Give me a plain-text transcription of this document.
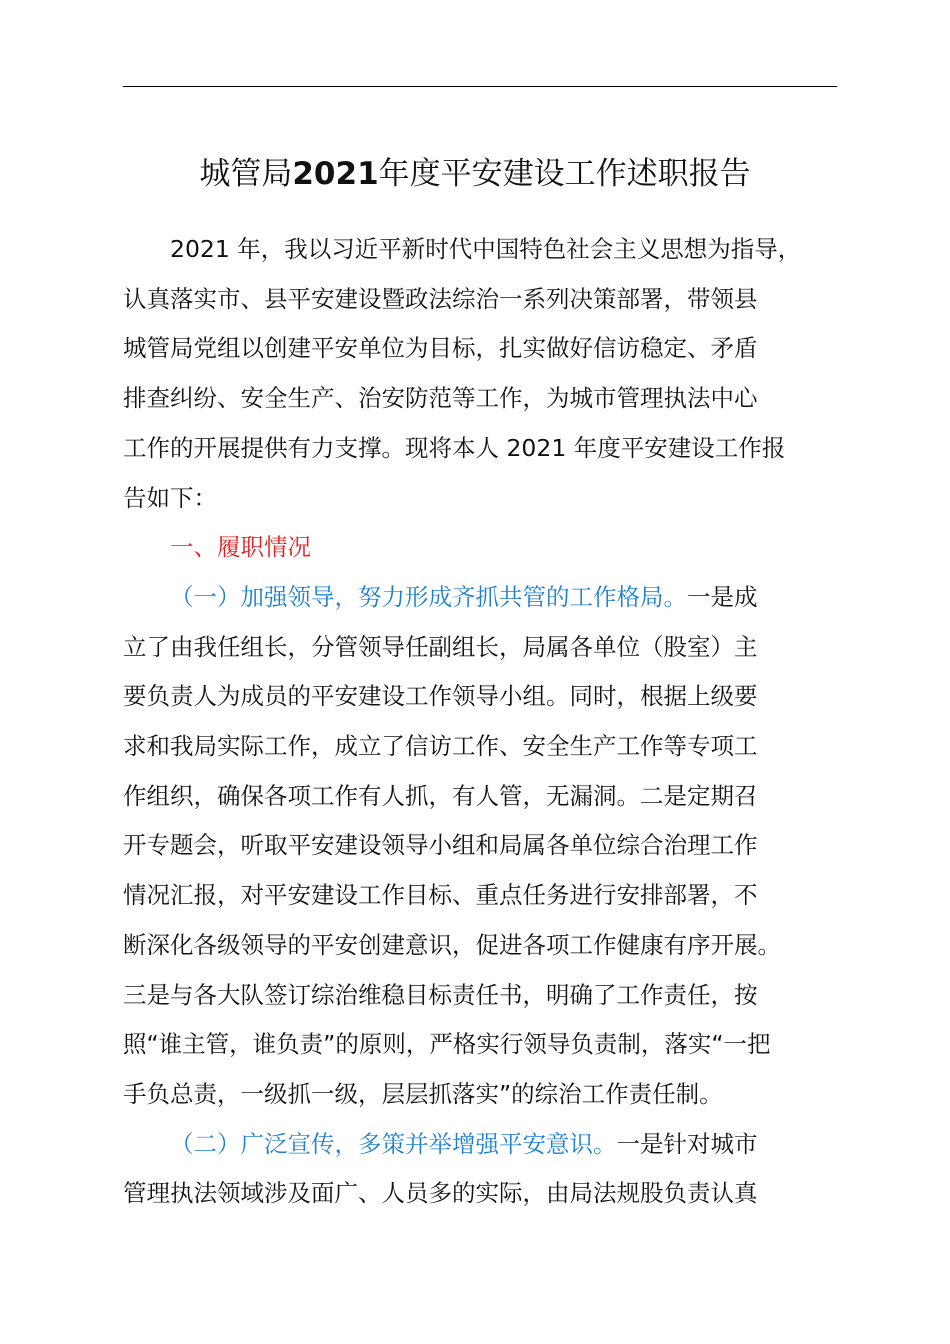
城管局2021年度平安建设工作述职报告
2021 年，我以习近平新时代中国特色社会主义思想为指导，
认真落实市、县平安建设暨政法综治一系列决策部署，带领县
城管局党组以创建平安单位为目标，扎实做好信访稳定、矛盾
排查纠纷、安全生产、治安防范等工作，为城市管理执法中心
工作的开展提供有力支撑。现将本人 2021 年度平安建设工作报
告如下：
一、履职情况
（一）加强领导，努力形成齐抓共管的工作格局。一是成
立了由我任组长，分管领导任副组长，局属各单位（股室）主
要负责人为成员的平安建设工作领导小组。同时，根据上级要
求和我局实际工作，成立了信访工作、安全生产工作等专项工
作组织，确保各项工作有人抓，有人管，无漏洞。二是定期召
开专题会，听取平安建设领导小组和局属各单位综合治理工作
情况汇报，对平安建设工作目标、重点任务进行安排部署，不
断深化各级领导的平安创建意识，促进各项工作健康有序开展。
三是与各大队签订综治维稳目标责任书，明确了工作责任，按
照“谁主管，谁负责”的原则，严格实行领导负责制，落实“一把
手负总责，一级抓一级，层层抓落实”的综治工作责任制。
（二）广泛宣传，多策并举增强平安意识。一是针对城市
管理执法领域涉及面广、人员多的实际，由局法规股负责认真
